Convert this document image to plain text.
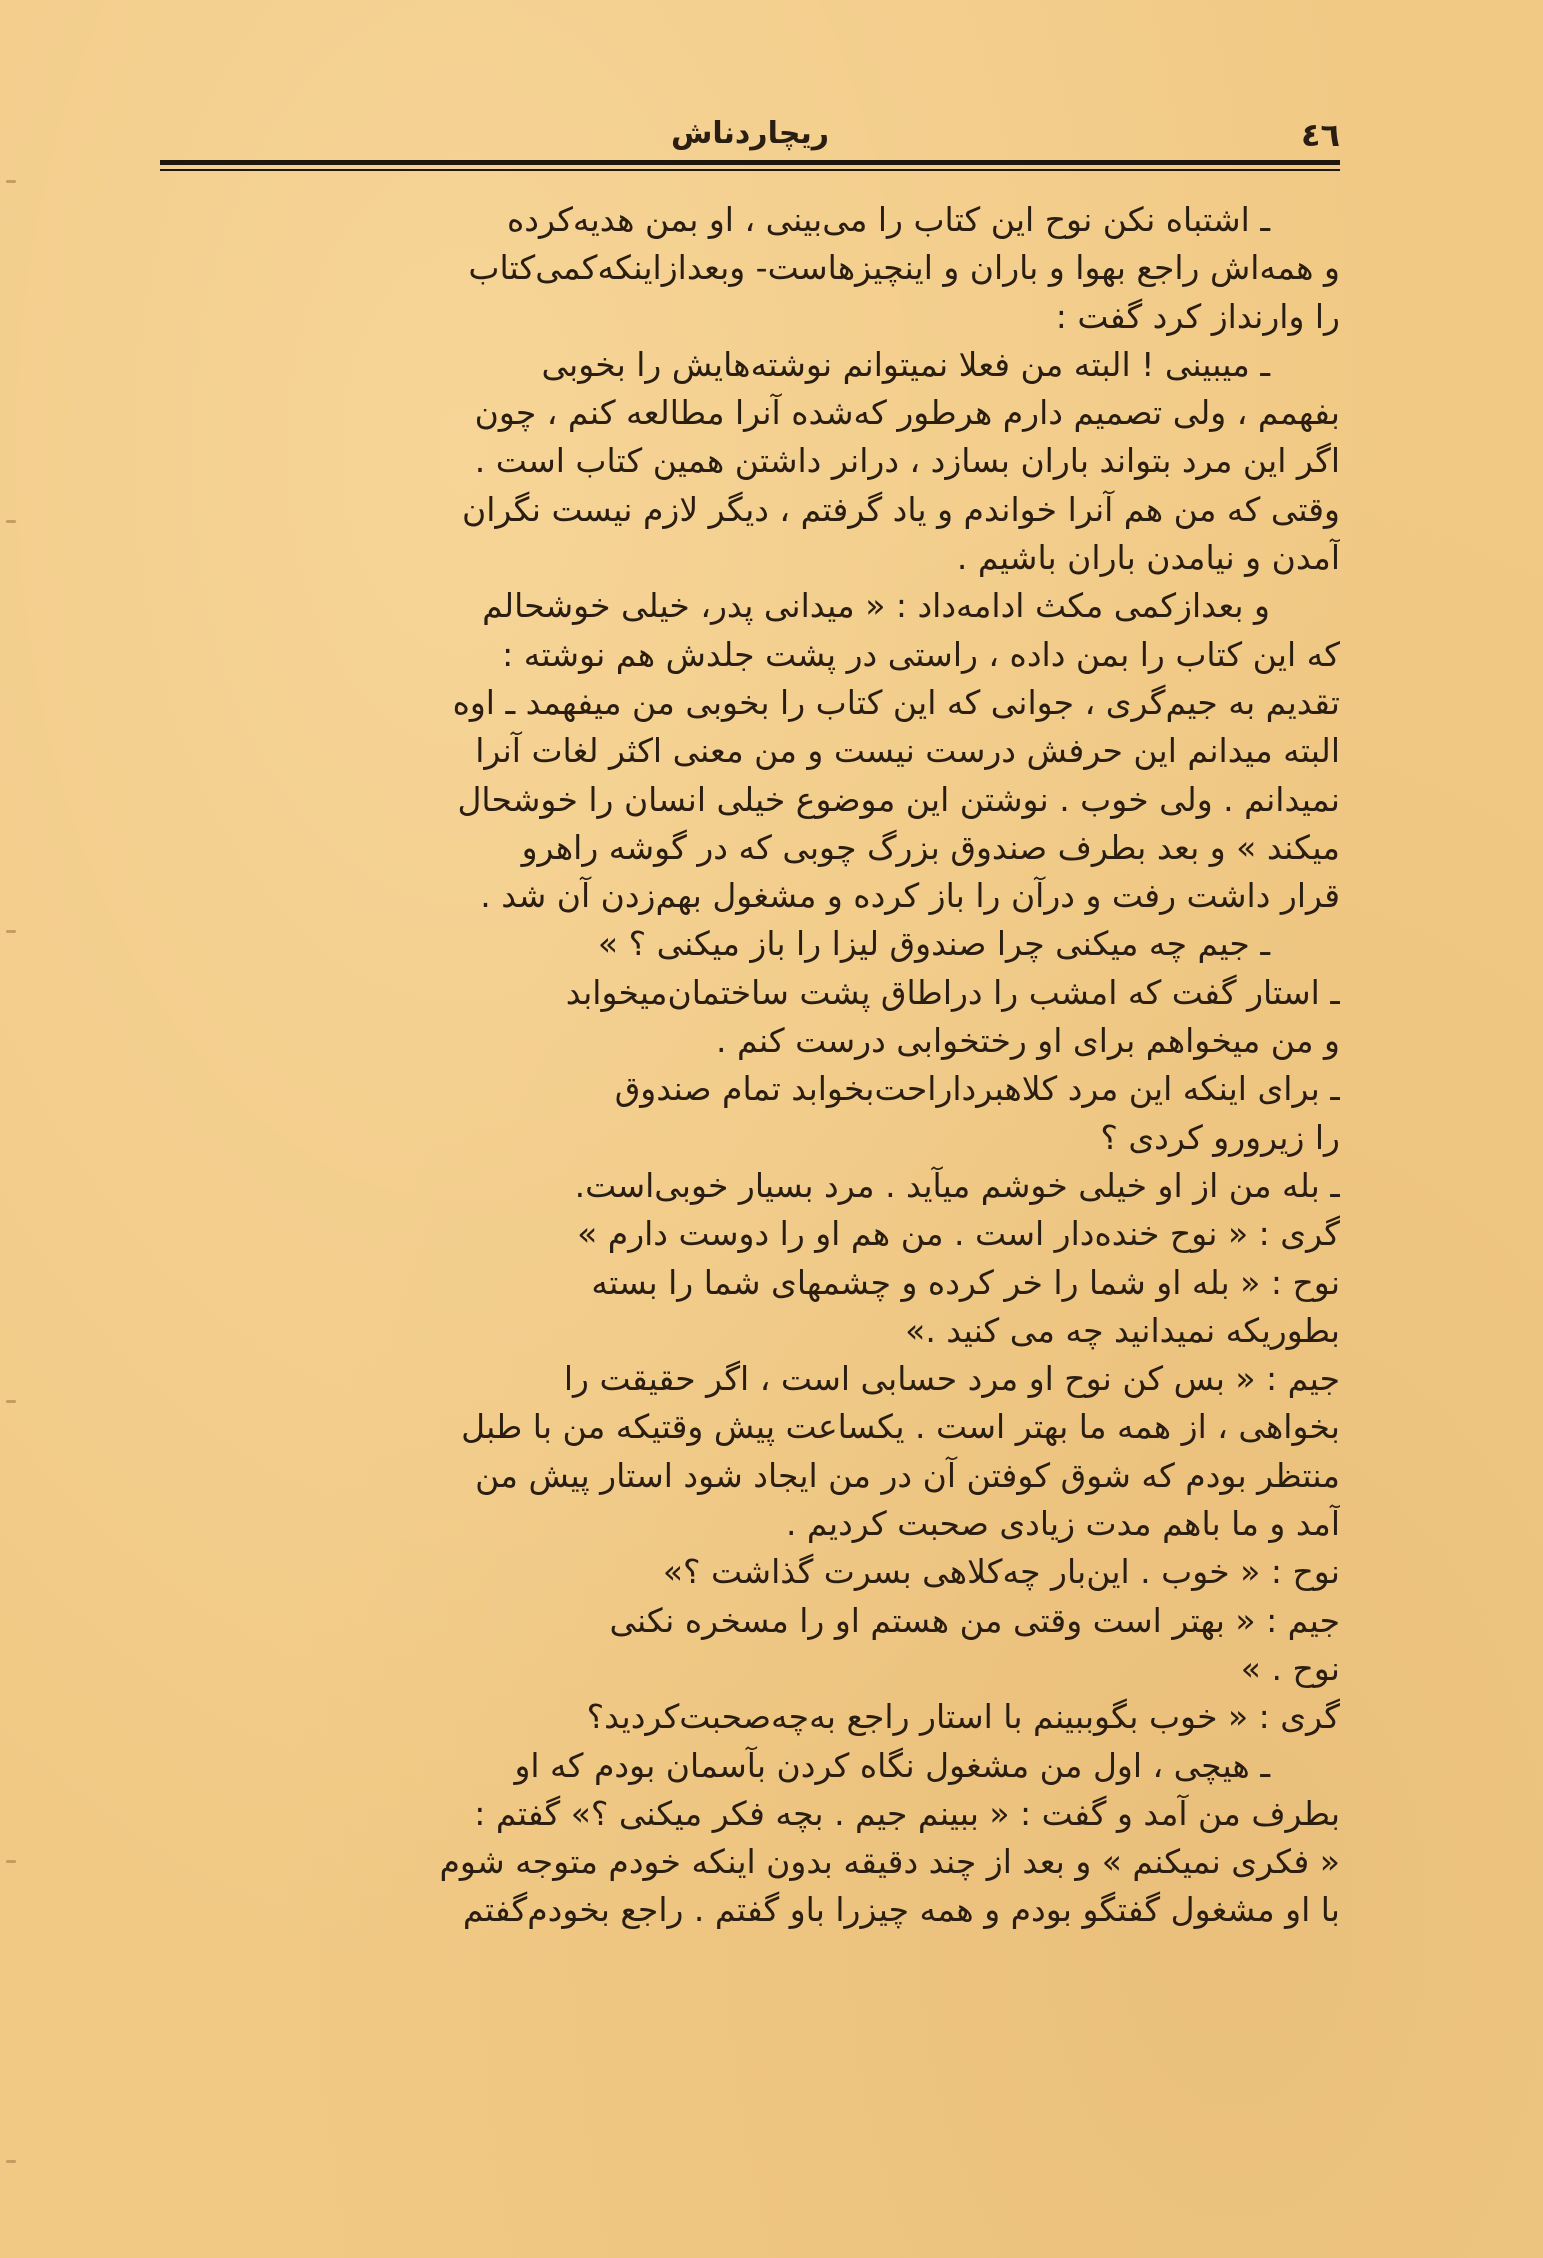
ریچاردناش	٤٦
ـ اشتباه نکن نوح این کتاب را می‌بینی ، او بمن هدیه‌کرده
و همه‌اش راجع بهوا و باران و اینچیزهاست- وبعدازاینکه‌کمی‌کتاب
را وارنداز کرد گفت :
ـ میبینی ! البته من فعلا نمیتوانم نوشته‌هایش را بخوبی
بفهمم ، ولی تصمیم دارم هرطور که‌شده آنرا مطالعه کنم ، چون
اگر این مرد بتواند باران بسازد ، درانر داشتن همین کتاب است .
وقتی که من هم آنرا خواندم و یاد گرفتم ، دیگر لازم نیست نگران
آمدن و نیامدن باران باشیم .
و بعدازکمی مکث ادامه‌داد : « میدانی پدر، خیلی خوشحالم
که این کتاب را بمن داده ، راستی در پشت جلدش هم نوشته :
تقدیم به جیم‌گری ، جوانی که این کتاب را بخوبی من میفهمد ـ اوه
البته میدانم این حرفش درست نیست و من معنی اکثر لغات آنرا
نمیدانم . ولی خوب . نوشتن این موضوع خیلی انسان را خوشحال
میکند » و بعد بطرف صندوق بزرگ چوبی که در گوشه راهرو
قرار داشت رفت و درآن را باز کرده و مشغول بهم‌زدن آن شد .
ـ جیم چه میکنی چرا صندوق لیزا را باز میکنی ؟ »
ـ استار گفت که امشب را دراطاق پشت ساختمان‌میخوابد
و من میخواهم برای او رختخوابی درست کنم .
ـ برای اینکه این مرد کلاهبرداراحت‌بخوابد تمام صندوق
را زیرورو کردی ؟
ـ بله من از او خیلی خوشم میآید . مرد بسیار خوبی‌است.
گری : « نوح خنده‌دار است . من هم او را دوست دارم »
نوح : « بله او شما را خر کرده و چشمهای شما را بسته
بطوریکه نمیدانید چه می کنید .»
جیم : « بس کن نوح او مرد حسابی است ، اگر حقیقت را
بخواهی ، از همه ما بهتر است . یکساعت پیش وقتیکه من با طبل
منتظر بودم که شوق کوفتن آن در من ایجاد شود استار پیش من
آمد و ما باهم مدت زیادی صحبت کردیم .
نوح : « خوب . این‌بار چه‌کلاهی بسرت گذاشت ؟»
جیم : « بهتر است وقتی من هستم او را مسخره نکنی
نوح . »
گری : « خوب بگوببینم با استار راجع به‌چه‌صحبت‌کردید؟
ـ هیچی ، اول من مشغول نگاه کردن بآسمان بودم که او
بطرف من آمد و گفت : « ببینم جیم . بچه فکر میکنی ؟» گفتم :
« فکری نمیکنم » و بعد از چند دقیقه بدون اینکه خودم متوجه شوم
با او مشغول گفتگو بودم و همه چیزرا باو گفتم . راجع بخودم‌گفتم
